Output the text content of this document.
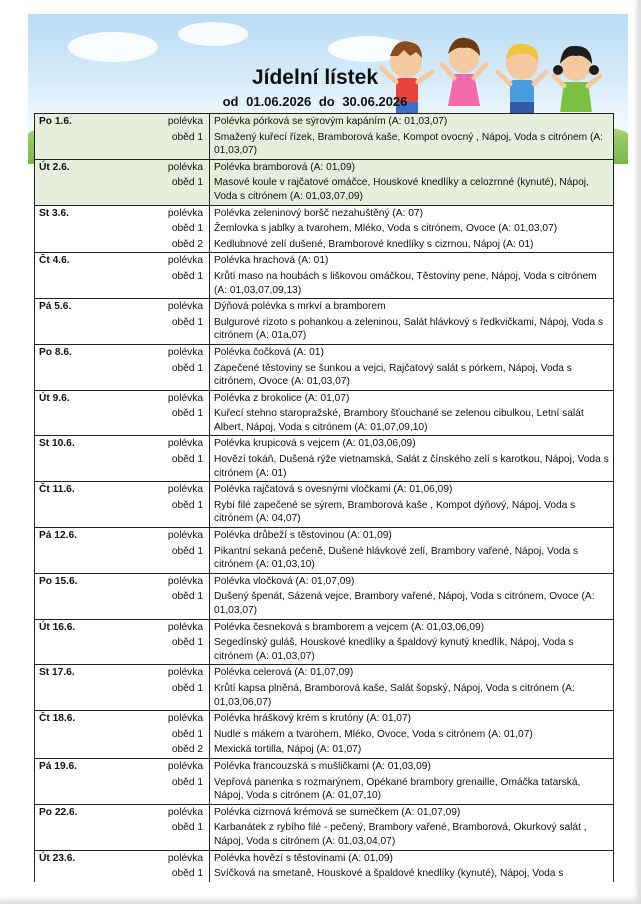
Jídelní lístek
od 01.06.2026 do 30.06.2026
Po 1.6.	polévka	Polévka pórková se sýrovým kapáním (A: 01,03,07)
	oběd 1	Smažený kuřecí řízek, Bramborová kaše, Kompot ovocný , Nápoj, Voda s citrónem (A: 01,03,07)
Út 2.6.	polévka	Polévka bramborová (A: 01,09)
	oběd 1	Masové koule v rajčatové omáčce, Houskové knedlíky a celozrnné (kynuté), Nápoj, Voda s citrónem (A: 01,03,07,09)
St 3.6.	polévka	Polévka zeleninový boršč nezahuštěný (A: 07)
	oběd 1	Žemlovka s jablky a tvarohem, Mléko, Voda s citrónem, Ovoce (A: 01,03,07)
	oběd 2	Kedlubnové zelí dušené, Bramborové knedlíky s cizrnou, Nápoj (A: 01)
Čt 4.6.	polévka	Polévka hrachová (A: 01)
	oběd 1	Krůtí maso na houbách s liškovou omáčkou, Těstoviny pene, Nápoj, Voda s citrónem (A: 01,03,07,09,13)
Pá 5.6.	polévka	Dýňová polévka s mrkví a bramborem
	oběd 1	Bulgurové rizoto s pohankou a zeleninou, Salát hlávkový s ředkvičkami, Nápoj, Voda s citrónem (A: 01a,07)
Po 8.6.	polévka	Polévka čočková (A: 01)
	oběd 1	Zapečené těstoviny se šunkou a vejci, Rajčatový salát s pórkem, Nápoj, Voda s citrónem, Ovoce (A: 01,03,07)
Út 9.6.	polévka	Polévka z brokolice (A: 01,07)
	oběd 1	Kuřecí stehno staropražské, Brambory šťouchané se zelenou cibulkou, Letní salát Albert, Nápoj, Voda s citrónem (A: 01,07,09,10)
St 10.6.	polévka	Polévka krupicová s vejcem (A: 01,03,06,09)
	oběd 1	Hovězí tokáň, Dušená rýže vietnamská, Salát z čínského zelí s karotkou, Nápoj, Voda s citrónem (A: 01)
Čt 11.6.	polévka	Polévka rajčatová s ovesnými vločkami (A: 01,06,09)
	oběd 1	Rybí filé zapečené se sýrem, Bramborová kaše , Kompot dýňový, Nápoj, Voda s citrónem (A: 04,07)
Pá 12.6.	polévka	Polévka drůbeží s těstovinou (A: 01,09)
	oběd 1	Pikantní sekaná pečeně, Dušené hlávkové zelí, Brambory vařené, Nápoj, Voda s citrónem (A: 01,03,10)
Po 15.6.	polévka	Polévka vločková (A: 01,07,09)
	oběd 1	Dušený špenát, Sázená vejce, Brambory vařené, Nápoj, Voda s citrónem, Ovoce (A: 01,03,07)
Út 16.6.	polévka	Polévka česneková s bramborem a vejcem (A: 01,03,06,09)
	oběd 1	Segedínský guláš, Houskové knedlíky a špaldový kynutý knedlík, Nápoj, Voda s citrónem (A: 01,03,07)
St 17.6.	polévka	Polévka celerová (A: 01,07,09)
	oběd 1	Krůtí kapsa plněná, Bramborová kaše, Salát šopský, Nápoj, Voda s citrónem (A: 01,03,06,07)
Čt 18.6.	polévka	Polévka hráškový krém s krutóny (A: 01,07)
	oběd 1	Nudle s mákem a tvarohem, Mléko, Ovoce, Voda s citrónem (A: 01,07)
	oběd 2	Mexická tortilla, Nápoj (A: 01,07)
Pá 19.6.	polévka	Polévka francouzská s mušličkami (A: 01,03,09)
	oběd 1	Vepřová panenka s rozmarýnem, Opékané brambory grenaille, Omáčka tatarská, Nápoj, Voda s citrónem (A: 01,07,10)
Po 22.6.	polévka	Polévka cizrnová krémová se sumečkem (A: 01,07,09)
	oběd 1	Karbanátek z rybího filé - pečený, Brambory vařené, Bramborová, Okurkový salát , Nápoj, Voda s citrónem (A: 01,03,04,07)
Út 23.6.	polévka	Polévka hovězí s těstovinami (A: 01,09)
	oběd 1	Svíčková na smetaně, Houskové a špaldové knedlíky (kynuté), Nápoj, Voda s
